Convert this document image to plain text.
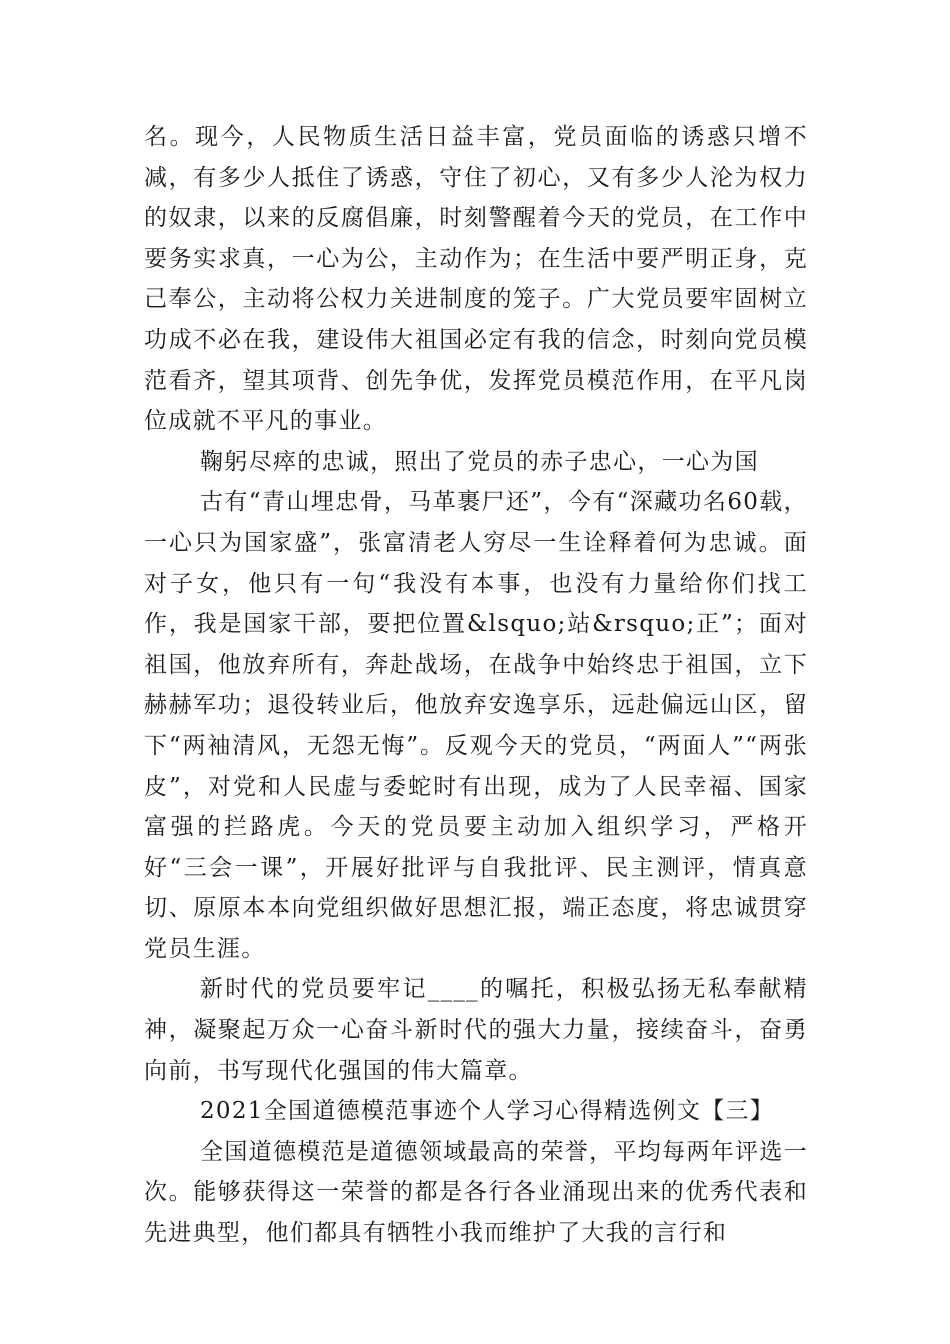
名。现今，人民物质生活日益丰富，党员面临的诱惑只增不减，有多少人抵住了诱惑，守住了初心，又有多少人沦为权力的奴隶，以来的反腐倡廉，时刻警醒着今天的党员，在工作中要务实求真，一心为公，主动作为；在生活中要严明正身，克己奉公，主动将公权力关进制度的笼子。广大党员要牢固树立功成不必在我，建设伟大祖国必定有我的信念，时刻向党员模范看齐，望其项背、创先争优，发挥党员模范作用，在平凡岗位成就不平凡的事业。

鞠躬尽瘁的忠诚，照出了党员的赤子忠心，一心为国

古有“青山埋忠骨，马革裹尸还”，今有“深藏功名60载，一心只为国家盛”，张富清老人穷尽一生诠释着何为忠诚。面对子女，他只有一句“我没有本事，也没有力量给你们找工作，我是国家干部，要把位置&lsquo;站&rsquo;正”；面对祖国，他放弃所有，奔赴战场，在战争中始终忠于祖国，立下赫赫军功；退役转业后，他放弃安逸享乐，远赴偏远山区，留下“两袖清风，无怨无悔”。反观今天的党员，“两面人”“两张皮”，对党和人民虚与委蛇时有出现，成为了人民幸福、国家富强的拦路虎。今天的党员要主动加入组织学习，严格开好“三会一课”，开展好批评与自我批评、民主测评，情真意切、原原本本向党组织做好思想汇报，端正态度，将忠诚贯穿党员生涯。

新时代的党员要牢记____的嘱托，积极弘扬无私奉献精神，凝聚起万众一心奋斗新时代的强大力量，接续奋斗，奋勇向前，书写现代化强国的伟大篇章。

2021全国道德模范事迹个人学习心得精选例文【三】

全国道德模范是道德领域最高的荣誉，平均每两年评选一次。能够获得这一荣誉的都是各行各业涌现出来的优秀代表和先进典型，他们都具有牺牲小我而维护了大我的言行和
